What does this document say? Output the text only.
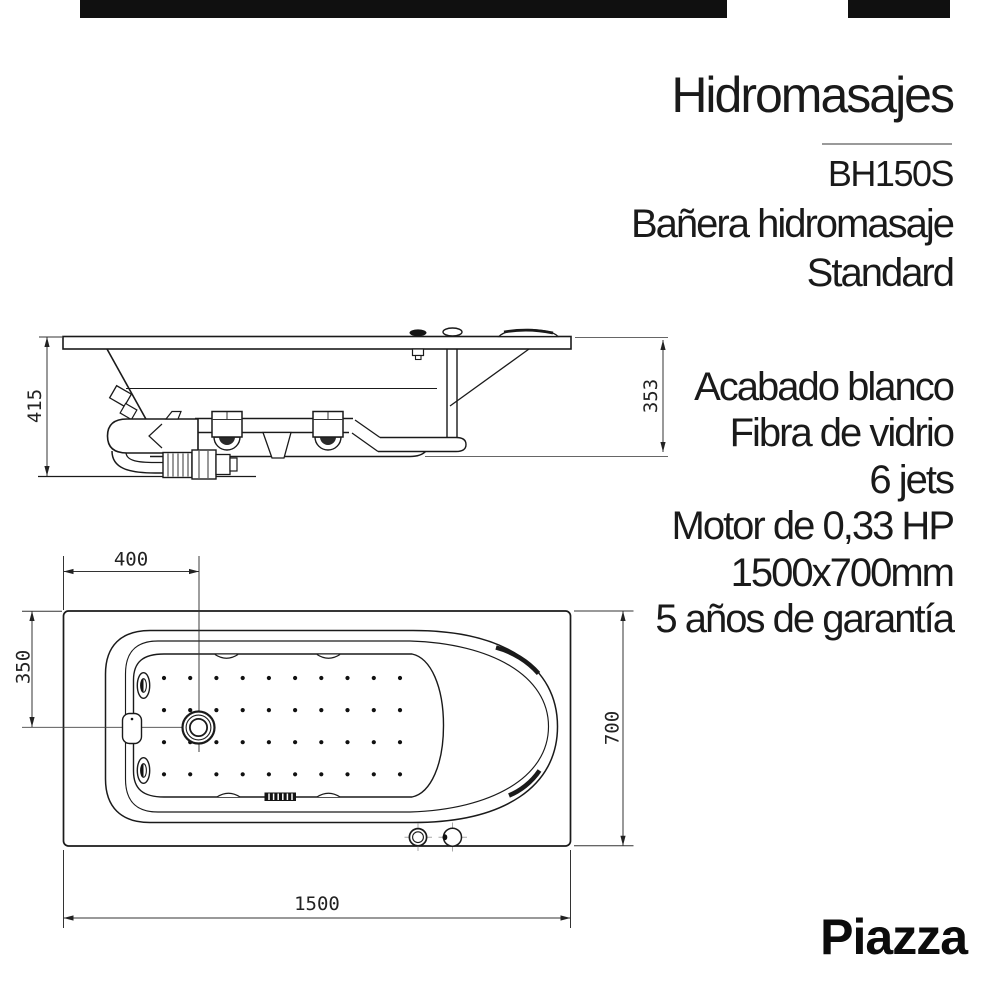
Hidromasajes
BH150S
Bañera hidromasaje
Standard
Acabado blanco
Fibra de vidrio
6 jets
Motor de 0,33 HP
1500x700mm
5 años de garantía
415	353
400
350
700
1500
Piazza
